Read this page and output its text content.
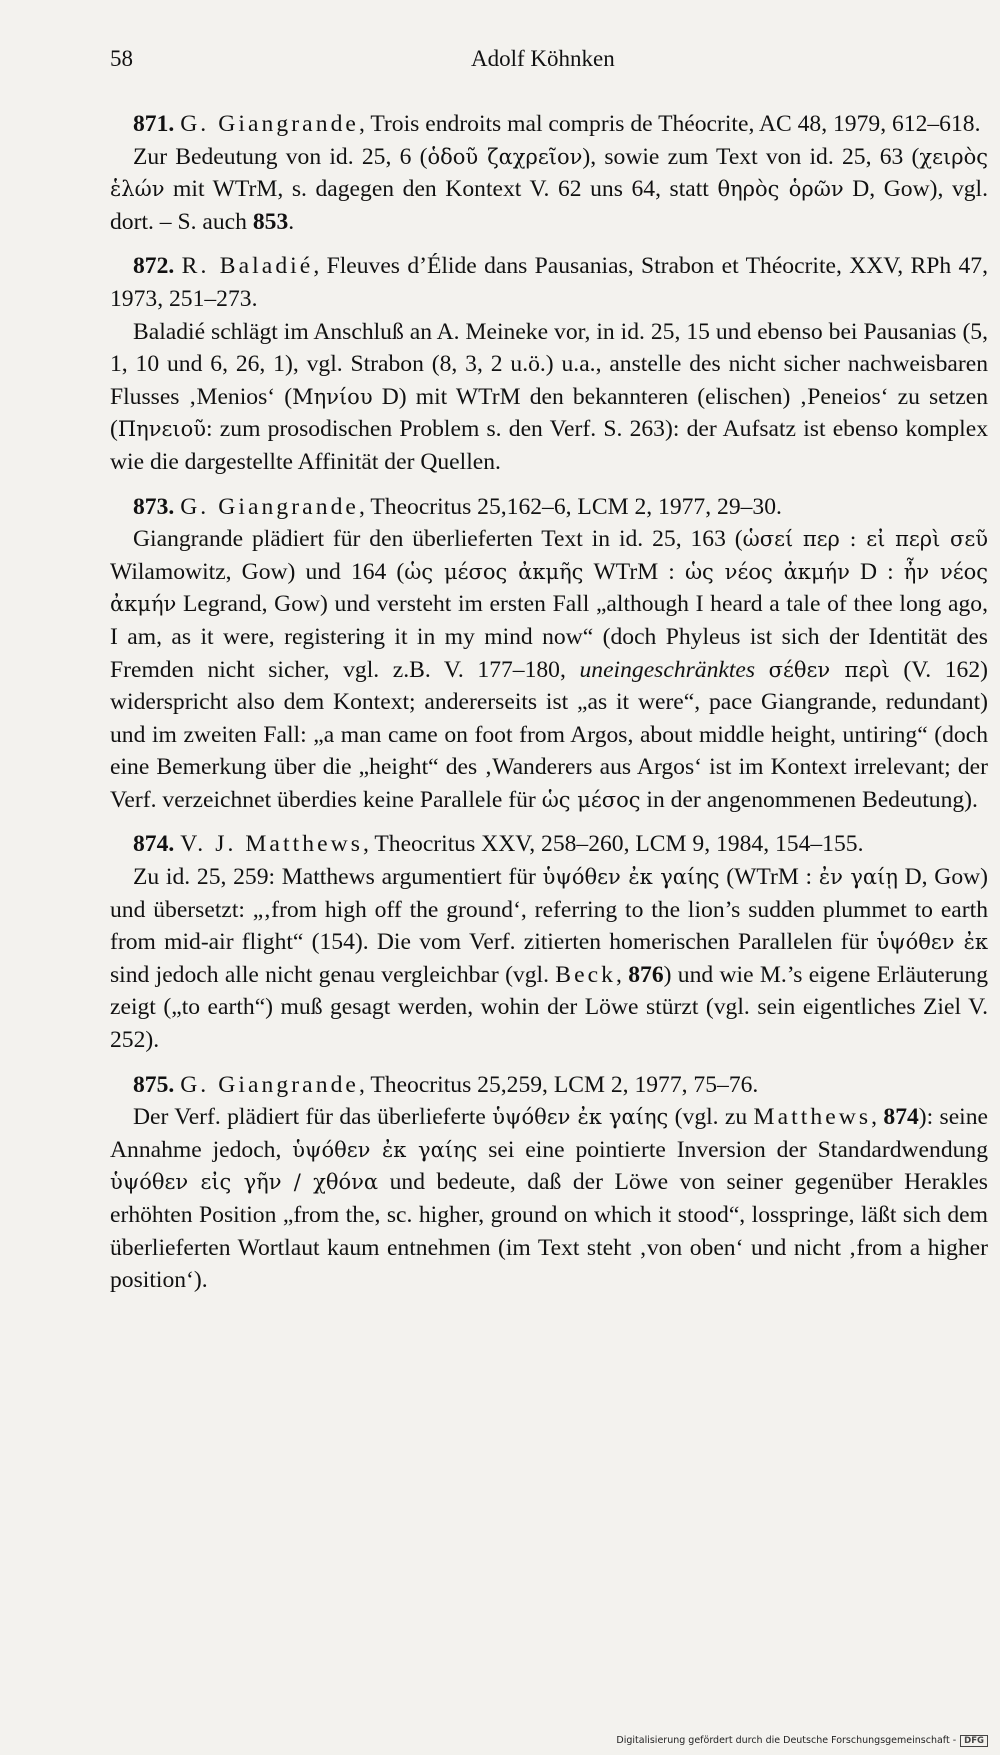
58	Adolf Köhnken

871. G. Giangrande, Trois endroits mal compris de Théocrite, AC 48, 1979, 612–618.

Zur Bedeutung von id. 25, 6 (ὁδοῦ ζαχρεῖον), sowie zum Text von id. 25, 63 (χειρὸς ἑλών mit WTrM, s. dagegen den Kontext V. 62 uns 64, statt θηρὸς ὁρῶν D, Gow), vgl. dort. – S. auch 853.

872. R. Baladié, Fleuves d’Élide dans Pausanias, Strabon et Théocrite, XXV, RPh 47, 1973, 251–273.

Baladié schlägt im Anschluß an A. Meineke vor, in id. 25, 15 und ebenso bei Pausanias (5, 1, 10 und 6, 26, 1), vgl. Strabon (8, 3, 2 u.ö.) u.a., anstelle des nicht sicher nachweisbaren Flusses ‚Menios‘ (Μηνίου D) mit WTrM den bekannteren (elischen) ‚Peneios‘ zu setzen (Πηνειοῦ: zum prosodischen Problem s. den Verf. S. 263): der Aufsatz ist ebenso komplex wie die dargestellte Affinität der Quellen.

873. G. Giangrande, Theocritus 25,162–6, LCM 2, 1977, 29–30.

Giangrande plädiert für den überlieferten Text in id. 25, 163 (ὡσεί περ : εἰ περὶ σεῦ Wilamowitz, Gow) und 164 (ὡς μέσος ἀκμῆς WTrM : ὡς νέος ἀκμήν D : ἦν νέος ἀκμήν Legrand, Gow) und versteht im ersten Fall „although I heard a tale of thee long ago, I am, as it were, registering it in my mind now“ (doch Phyleus ist sich der Identität des Fremden nicht sicher, vgl. z.B. V. 177–180, uneingeschränktes σέθεν περὶ (V. 162) widerspricht also dem Kontext; andererseits ist „as it were“, pace Giangrande, redundant) und im zweiten Fall: „a man came on foot from Argos, about middle height, untiring“ (doch eine Bemerkung über die „height“ des ‚Wanderers aus Argos‘ ist im Kontext irrelevant; der Verf. verzeichnet überdies keine Parallele für ὡς μέσος in der angenommenen Bedeutung).

874. V. J. Matthews, Theocritus XXV, 258–260, LCM 9, 1984, 154–155.

Zu id. 25, 259: Matthews argumentiert für ὑψόθεν ἐκ γαίης (WTrM : ἐν γαίῃ D, Gow) und übersetzt: „‚from high off the ground‘, referring to the lion’s sudden plummet to earth from mid-air flight“ (154). Die vom Verf. zitierten homerischen Parallelen für ὑψόθεν ἐκ sind jedoch alle nicht genau vergleichbar (vgl. Beck, 876) und wie M.’s eigene Erläuterung zeigt („to earth“) muß gesagt werden, wohin der Löwe stürzt (vgl. sein eigentliches Ziel V. 252).

875. G. Giangrande, Theocritus 25,259, LCM 2, 1977, 75–76.

Der Verf. plädiert für das überlieferte ὑψόθεν ἐκ γαίης (vgl. zu Matthews, 874): seine Annahme jedoch, ὑψόθεν ἐκ γαίης sei eine pointierte Inversion der Standardwendung ὑψόθεν εἰς γῆν / χθόνα und bedeute, daß der Löwe von seiner gegenüber Herakles erhöhten Position „from the, sc. higher, ground on which it stood“, losspringe, läßt sich dem überlieferten Wortlaut kaum entnehmen (im Text steht ‚von oben‘ und nicht ‚from a higher position‘).

Digitalisierung gefördert durch die Deutsche Forschungsgemeinschaft - DFG
